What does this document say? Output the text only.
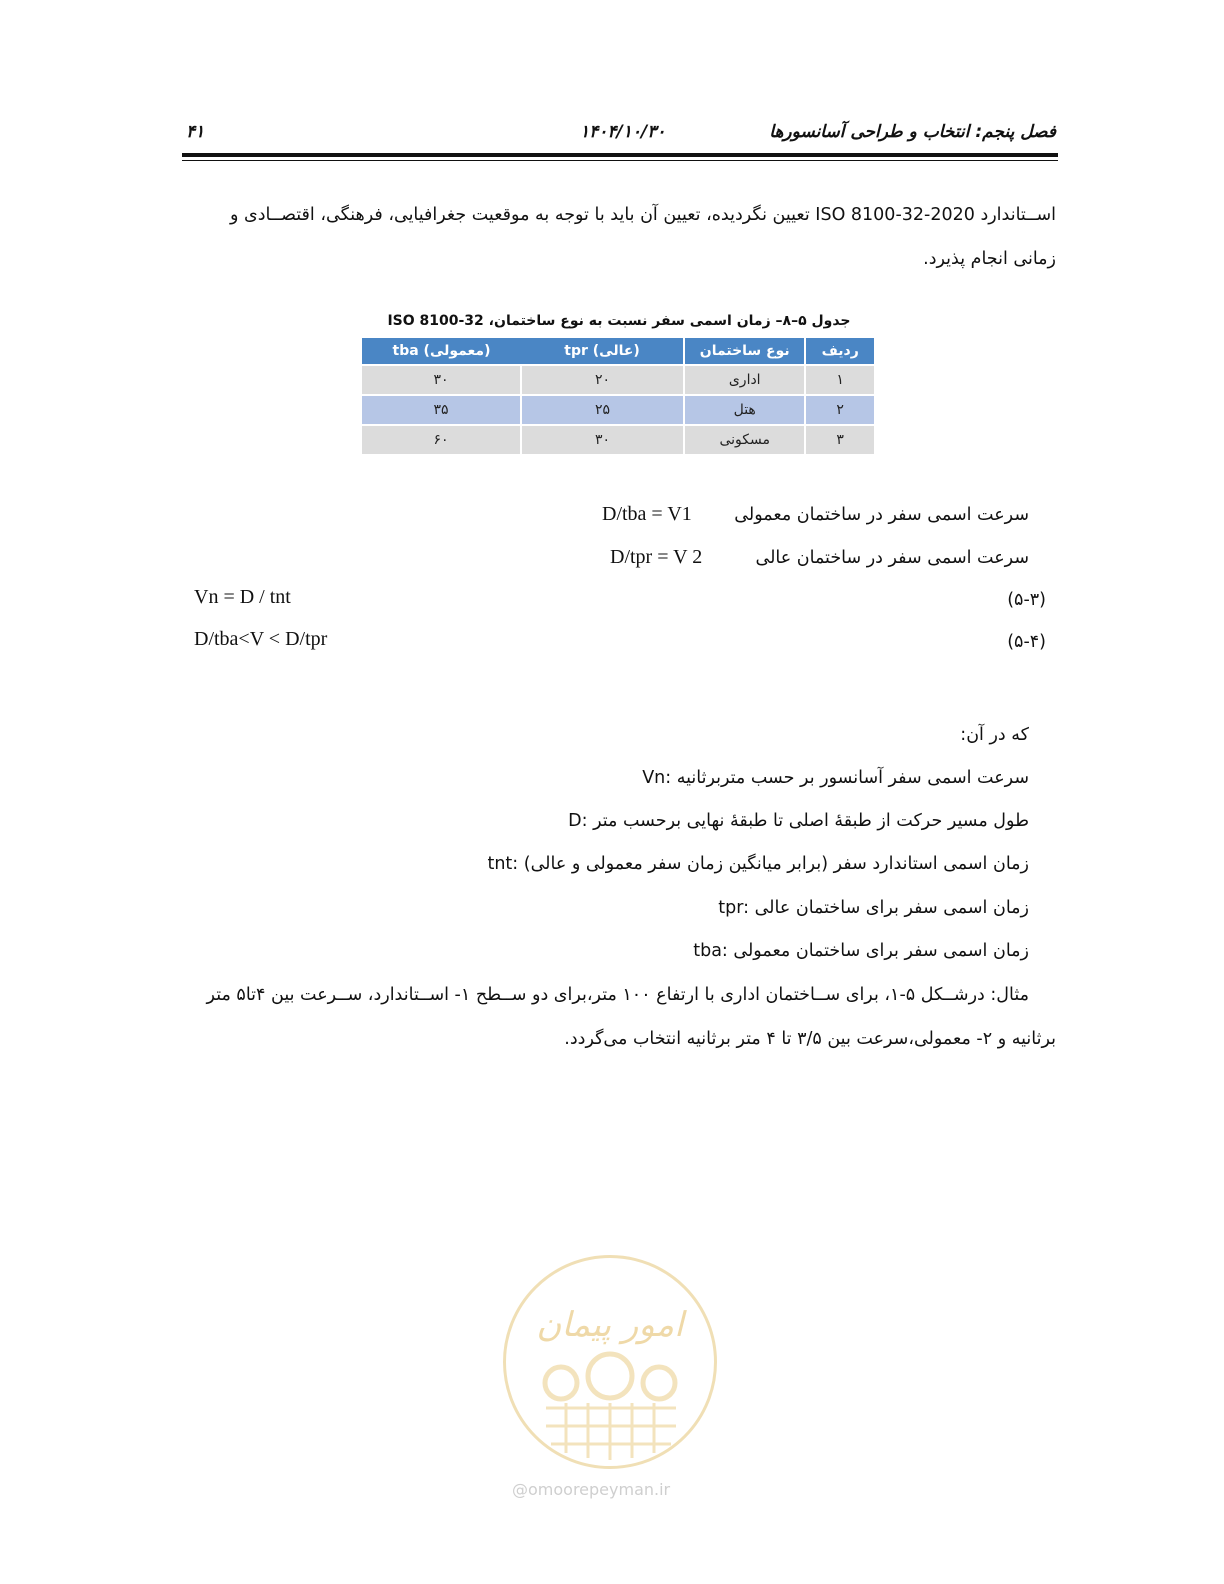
فصل پنجم: انتخاب و طراحی آسانسورها
۱۴۰۴/۱۰/۳۰
۴۱
اســتاندارد ISO 8100-32-2020 تعیین نگردیده، تعیین آن باید با توجه به موقعیت جغرافیایی، فرهنگی، اقتصــادی و
زمانی انجام پذیرد.
جدول ۵–۸– زمان اسمی سفر نسبت به نوع ساختمان، ISO 8100-32
ردیف	نوع ساختمان	(عالی) tpr	(معمولی) tba
۱	اداری	۲۰	۳۰
۲	هتل	۲۵	۳۵
۳	مسکونی	۳۰	۶۰
سرعت اسمی سفر در ساختمان معمولی
D/tba = V1
سرعت اسمی سفر در ساختمان عالی
D/tpr = V 2
Vn = D / tnt	(۵-۳)
D/tba<V < D/tpr	(۵-۴)
که در آن:
Vn: سرعت اسمی سفر آسانسور بر حسب متربرثانیه
D: طول مسیر حرکت از طبقهٔ اصلی تا طبقهٔ نهایی برحسب متر
tnt: زمان اسمی استاندارد سفر (برابر میانگین زمان سفر معمولی و عالی)
tpr: زمان اسمی سفر برای ساختمان عالی
tba: زمان اسمی سفر برای ساختمان معمولی
مثال: درشــکل ۵-۱، برای ســاختمان اداری با ارتفاع ۱۰۰ متر،برای دو ســطح ۱- اســتاندارد، ســرعت بین ۴تا۵ متر
برثانیه و ۲- معمولی،سرعت بین ۳/۵ تا ۴ متر برثانیه انتخاب می‌گردد.
امور پیمان
@omoorepeyman.ir
